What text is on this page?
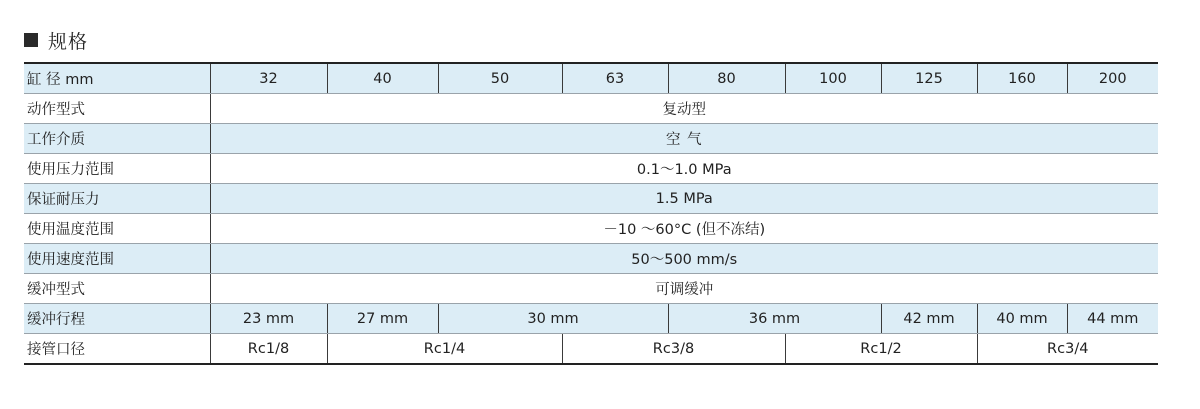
规格
缸 径 mm	32	40	50	63	80	100	125	160	200
动作型式	复动型								
工作介质	空 气								
使用压力范围	0.1～1.0 MPa								
保证耐压力	1.5 MPa								
使用温度范围	－10 ～60°C (但不冻结)								
使用速度范围	50～500 mm/s								
缓冲型式	可调缓冲								
缓冲行程	23 mm	27 mm	30 mm		36 mm		42 mm	40 mm	44 mm
接管口径	Rc1/8	Rc1/4		Rc3/8		Rc1/2		Rc3/4	
